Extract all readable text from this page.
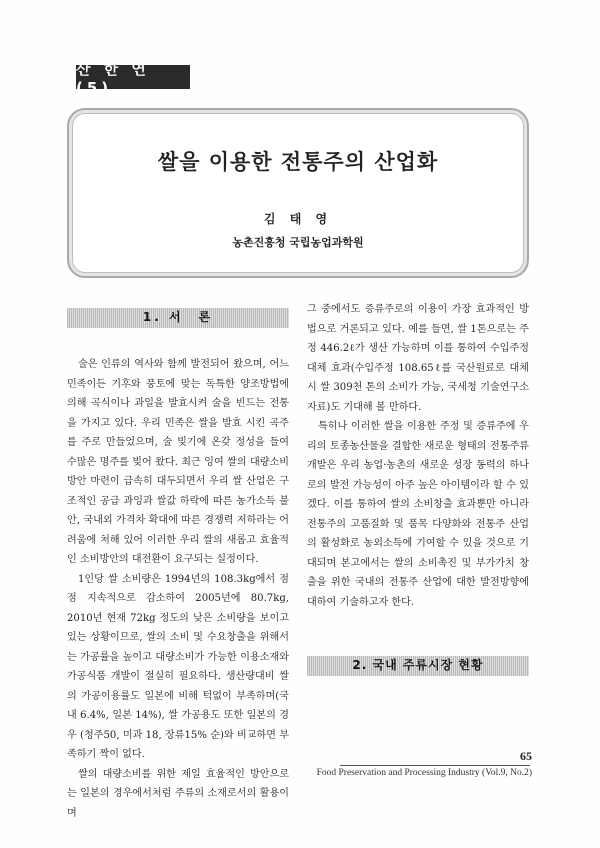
산 한 연 (5)
쌀을 이용한 전통주의 산업화
김 태 영
농촌진흥청 국립농업과학원
1. 서　론

술은 인류의 역사와 함께 발전되어 왔으며, 어느 민족이든 기후와 풍토에 맞는 독특한 양조방법에 의해 곡식이나 과일을 발효시켜 술을 빈드는 전통을 가지고 있다. 우리 민족은 쌀을 발효 시킨 곡주를 주로 만들었으며, 술 빚기에 온갖 정성을 들여 수많은 명주를 빚어 왔다. 최근 잉여 쌀의 대량소비 방안 마련이 급속히 대두되면서 우리 쌀 산업은 구조적인 공급 과잉과 쌀값 하락에 따른 농가소득 불안, 국내외 가격차 확대에 따른 경쟁력 저하라는 어려움에 처해 있어 이러한 우리 쌀의 새롭고 효율적인 소비방안의 대전환이 요구되는 실정이다.

1인당 쌀 소비량은 1994년의 108.3kg에서 점점 지속적으로 감소하여 2005년에 80.7kg, 2010년 현재 72kg 정도의 낮은 소비량을 보이고 있는 상황이므로, 쌀의 소비 및 수요창출을 위해서는 가공률을 높이고 대량소비가 가능한 이용소재와 가공식품 개발이 절실히 필요하다. 생산량대비 쌀의 가공이용률도 일본에 비해 턱없이 부족하며(국내 6.4%, 일본 14%), 쌀 가공용도 또한 일본의 경우 (청주50, 미과 18, 장류15% 순)와 비교하면 부족하기 짝이 없다.

쌀의 대량소비를 위한 제일 효율적인 방안으로는 일본의 경우에서처럼 주류의 소재로서의 활용이며

그 중에서도 증류주로의 이용이 가장 효과적인 방법으로 거론되고 있다. 예를 들면, 쌀 1톤으로는 주정 446.2ℓ가 생산 가능하며 이를 통하여 수입주정 대체 효과(수입주정 108.65ℓ를 국산원료로 대체 시 쌀 309천 톤의 소비가 가능, 국세청 기술연구소 자료)도 기대해 볼 만하다.

특히나 이러한 쌀을 이용한 주정 및 증류주에 우리의 토종농산물을 결합한 새로운 형태의 전통주류 개발은 우리 농업·농촌의 새로운 성장 동력의 하나로의 발전 가능성이 아주 높은 아이템이라 할 수 있겠다. 이를 통하여 쌀의 소비창출 효과뿐만 아니라 전통주의 고품질화 및 품목 다양화와 전통주 산업의 활성화로 농외소득에 기여할 수 있을 것으로 기대되며 본고에서는 쌀의 소비촉진 및 부가가치 창출을 위한 국내의 전통주 산업에 대한 발전방향에 대하여 기술하고자 한다.

2. 국내 주류시장 현황
65
Food Preservation and Processing Industry (Vol.9, No.2)
